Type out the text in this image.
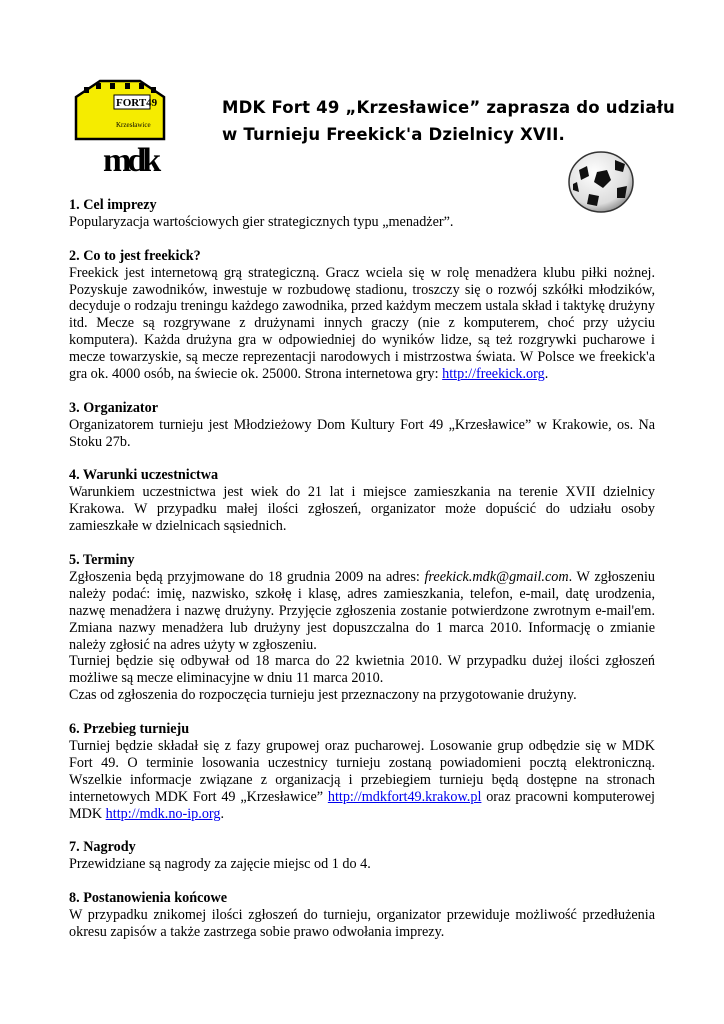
FORT49
Krzesławice
mdk
MDK Fort 49 „Krzesławice” zaprasza do udziału
w Turnieju Freekick'a Dzielnicy XVII.
1. Cel imprezy

Popularyzacja wartościowych gier strategicznych typu „menadżer”.

2. Co to jest freekick?

Freekick jest internetową grą strategiczną. Gracz wciela się w rolę menadżera klubu piłki nożnej. Pozyskuje zawodników, inwestuje w rozbudowę stadionu, troszczy się o rozwój szkółki młodzików, decyduje o rodzaju treningu każdego zawodnika, przed każdym meczem ustala skład i taktykę drużyny itd. Mecze są rozgrywane z drużynami innych graczy (nie z komputerem, choć przy użyciu komputera). Każda drużyna gra w odpowiedniej do wyników lidze, są też rozgrywki pucharowe i mecze towarzyskie, są mecze reprezentacji narodowych i mistrzostwa świata. W Polsce we freekick'a gra ok. 4000 osób, na świecie ok. 25000. Strona internetowa gry: http://freekick.org.

3. Organizator

Organizatorem turnieju jest Młodzieżowy Dom Kultury Fort 49 „Krzesławice” w Krakowie, os. Na Stoku 27b.

4. Warunki uczestnictwa

Warunkiem uczestnictwa jest wiek do 21 lat i miejsce zamieszkania na terenie XVII dzielnicy Krakowa. W przypadku małej ilości zgłoszeń, organizator może dopuścić do udziału osoby zamieszkałe w dzielnicach sąsiednich.

5. Terminy

Zgłoszenia będą przyjmowane do 18 grudnia 2009 na adres: freekick.mdk@gmail.com. W zgłoszeniu należy podać: imię, nazwisko, szkołę i klasę, adres zamieszkania, telefon, e-mail, datę urodzenia, nazwę menadżera i nazwę drużyny. Przyjęcie zgłoszenia zostanie potwierdzone zwrotnym e-mail'em. Zmiana nazwy menadżera lub drużyny jest dopuszczalna do 1 marca 2010. Informację o zmianie należy zgłosić na adres użyty w zgłoszeniu.

Turniej będzie się odbywał od 18 marca do 22 kwietnia 2010. W przypadku dużej ilości zgłoszeń możliwe są mecze eliminacyjne w dniu 11 marca 2010.

Czas od zgłoszenia do rozpoczęcia turnieju jest przeznaczony na przygotowanie drużyny.

6. Przebieg turnieju

Turniej będzie składał się z fazy grupowej oraz pucharowej. Losowanie grup odbędzie się w MDK Fort 49. O terminie losowania uczestnicy turnieju zostaną powiadomieni pocztą elektroniczną. Wszelkie informacje związane z organizacją i przebiegiem turnieju będą dostępne na stronach internetowych MDK Fort 49 „Krzesławice” http://mdkfort49.krakow.pl oraz pracowni komputerowej MDK http://mdk.no-ip.org.

7. Nagrody

Przewidziane są nagrody za zajęcie miejsc od 1 do 4.

8. Postanowienia końcowe

W przypadku znikomej ilości zgłoszeń do turnieju, organizator przewiduje możliwość przedłużenia okresu zapisów a także zastrzega sobie prawo odwołania imprezy.
